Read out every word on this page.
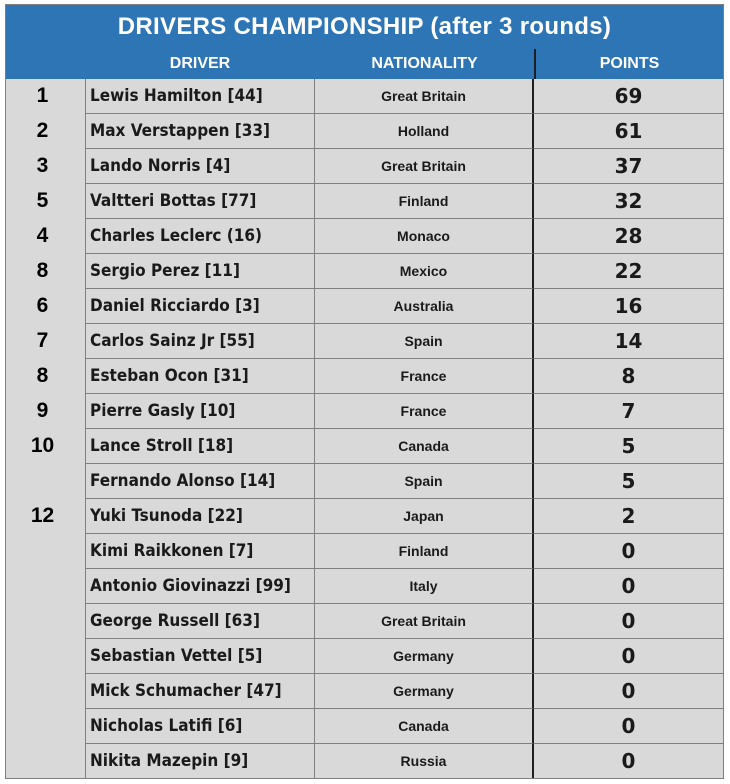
DRIVERS CHAMPIONSHIP (after 3 rounds)
DRIVER	NATIONALITY	POINTS
1	Lewis Hamilton [44]	Great Britain	69
2	Max Verstappen [33]	Holland	61
3	Lando Norris [4]	Great Britain	37
5	Valtteri Bottas [77]	Finland	32
4	Charles Leclerc (16)	Monaco	28
8	Sergio Perez [11]	Mexico	22
6	Daniel Ricciardo [3]	Australia	16
7	Carlos Sainz Jr [55]	Spain	14
8	Esteban Ocon [31]	France	8
9	Pierre Gasly [10]	France	7
10	Lance Stroll [18]	Canada	5
Fernando Alonso [14]	Spain	5
12	Yuki Tsunoda [22]	Japan	2
Kimi Raikkonen [7]	Finland	0
Antonio Giovinazzi [99]	Italy	0
George Russell [63]	Great Britain	0
Sebastian Vettel [5]	Germany	0
Mick Schumacher [47]	Germany	0
Nicholas Latifi [6]	Canada	0
Nikita Mazepin [9]	Russia	0
